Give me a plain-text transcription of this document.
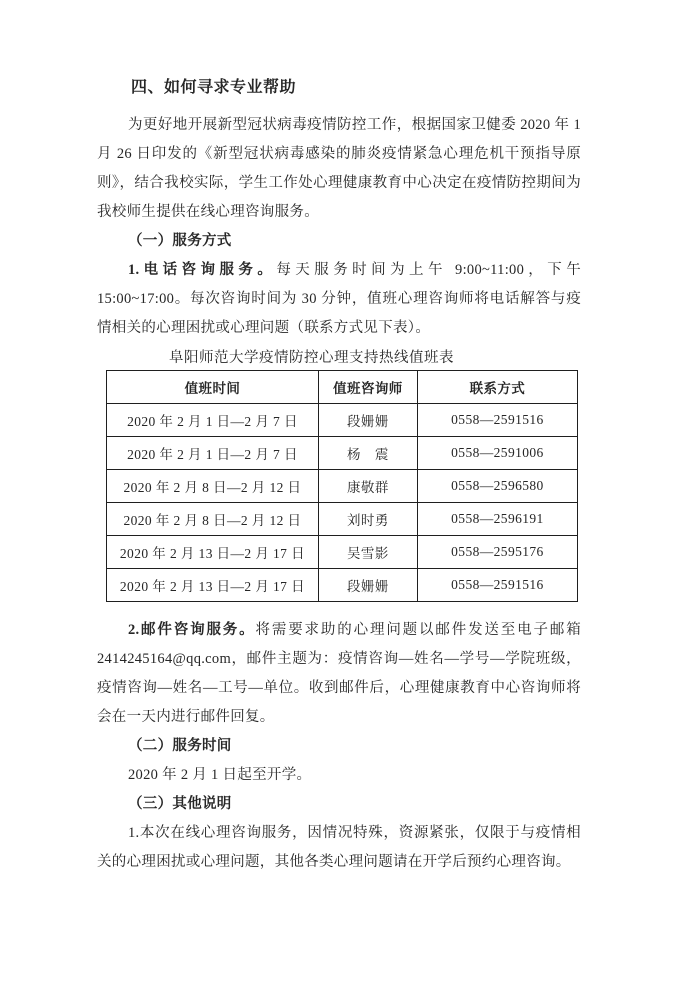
四、如何寻求专业帮助

为更好地开展新型冠状病毒疫情防控工作，根据国家卫健委 2020 年 1 月 26 日印发的《新型冠状病毒感染的肺炎疫情紧急心理危机干预指导原则》，结合我校实际，学生工作处心理健康教育中心决定在疫情防控期间为我校师生提供在线心理咨询服务。

（一）服务方式

1.电话咨询服务。每天服务时间为上午 9:00~11:00，下午 15:00~17:00。每次咨询时间为 30 分钟，值班心理咨询师将电话解答与疫情相关的心理困扰或心理问题（联系方式见下表）。

阜阳师范大学疫情防控心理支持热线值班表
值班时间	值班咨询师	联系方式
2020 年 2 月 1 日—2 月 7 日	段姗姗	0558—2591516
2020 年 2 月 1 日—2 月 7 日	杨　震	0558—2591006
2020 年 2 月 8 日—2 月 12 日	康敬群	0558—2596580
2020 年 2 月 8 日—2 月 12 日	刘时勇	0558—2596191
2020 年 2 月 13 日—2 月 17 日	吴雪影	0558—2595176
2020 年 2 月 13 日—2 月 17 日	段姗姗	0558—2591516

2.邮件咨询服务。将需要求助的心理问题以邮件发送至电子邮箱 2414245164@qq.com，邮件主题为：疫情咨询—姓名—学号—学院班级，疫情咨询—姓名—工号—单位。收到邮件后，心理健康教育中心咨询师将会在一天内进行邮件回复。

（二）服务时间

2020 年 2 月 1 日起至开学。

（三）其他说明

1.本次在线心理咨询服务，因情况特殊，资源紧张，仅限于与疫情相关的心理困扰或心理问题，其他各类心理问题请在开学后预约心理咨询。
